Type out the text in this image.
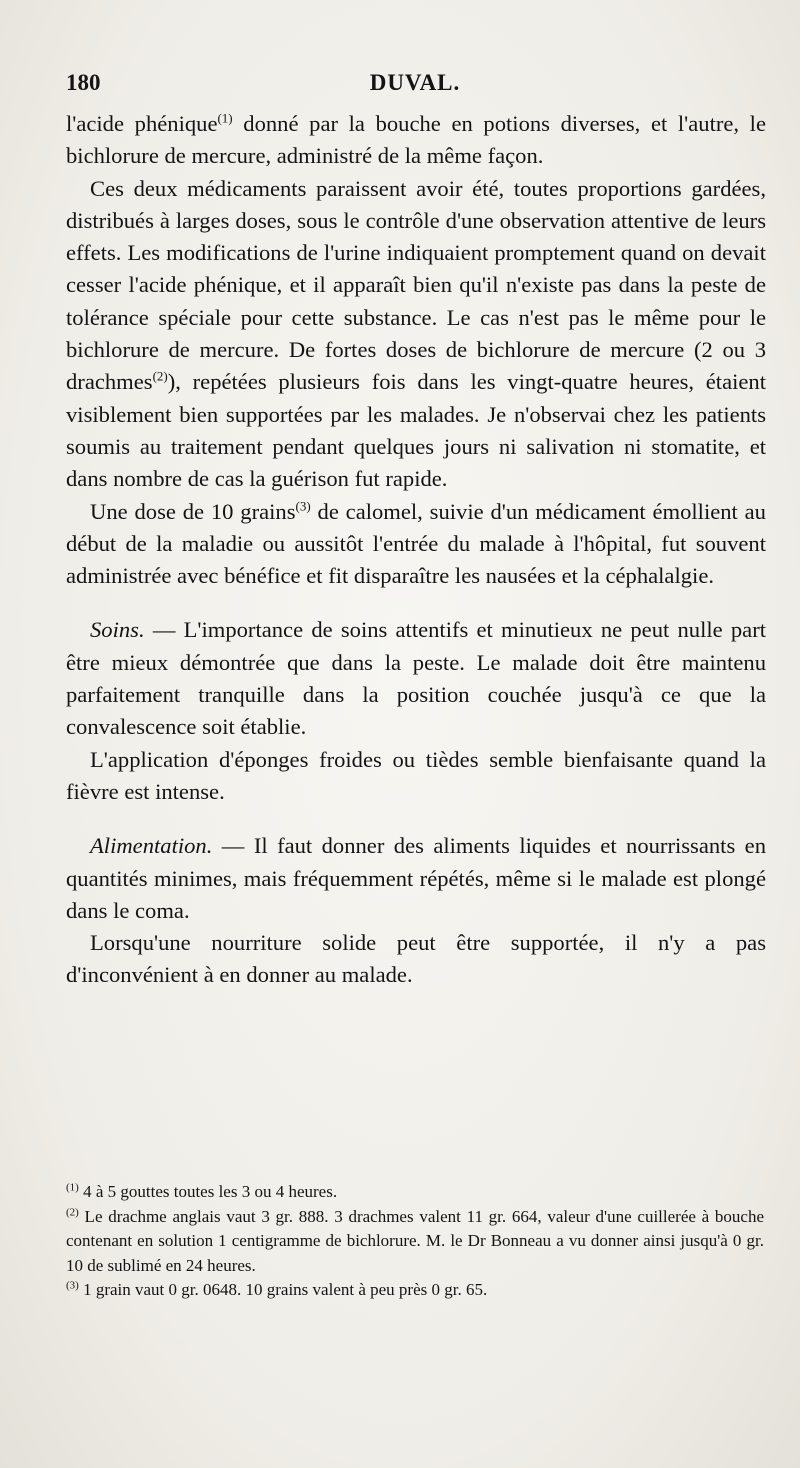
180	DUVAL.

l'acide phénique$^{(1)}$ donné par la bouche en potions diverses, et l'autre, le bichlorure de mercure, administré de la même façon.

Ces deux médicaments paraissent avoir été, toutes proportions gardées, distribués à larges doses, sous le contrôle d'une observation attentive de leurs effets. Les modifications de l'urine indiquaient promptement quand on devait cesser l'acide phénique, et il apparaît bien qu'il n'existe pas dans la peste de tolérance spéciale pour cette substance. Le cas n'est pas le même pour le bichlorure de mercure. De fortes doses de bichlorure de mercure (2 ou 3 drachmes$^{(2)}$), repétées plusieurs fois dans les vingt-quatre heures, étaient visiblement bien supportées par les malades. Je n'observai chez les patients soumis au traitement pendant quelques jours ni salivation ni stomatite, et dans nombre de cas la guérison fut rapide.

Une dose de 10 grains$^{(3)}$ de calomel, suivie d'un médicament émollient au début de la maladie ou aussitôt l'entrée du malade à l'hôpital, fut souvent administrée avec bénéfice et fit disparaître les nausées et la céphalalgie.

Soins. — L'importance de soins attentifs et minutieux ne peut nulle part être mieux démontrée que dans la peste. Le malade doit être maintenu parfaitement tranquille dans la position couchée jusqu'à ce que la convalescence soit établie.

L'application d'éponges froides ou tièdes semble bienfaisante quand la fièvre est intense.

Alimentation. — Il faut donner des aliments liquides et nourrissants en quantités minimes, mais fréquemment répétés, même si le malade est plongé dans le coma.

Lorsqu'une nourriture solide peut être supportée, il n'y a pas d'inconvénient à en donner au malade.

$^{(1)}$ 4 à 5 gouttes toutes les 3 ou 4 heures.

$^{(2)}$ Le drachme anglais vaut 3 gr. 888. 3 drachmes valent 11 gr. 664, valeur d'une cuillerée à bouche contenant en solution 1 centigramme de bichlorure. M. le Dr Bonneau a vu donner ainsi jusqu'à 0 gr. 10 de sublimé en 24 heures.

$^{(3)}$ 1 grain vaut 0 gr. 0648. 10 grains valent à peu près 0 gr. 65.
